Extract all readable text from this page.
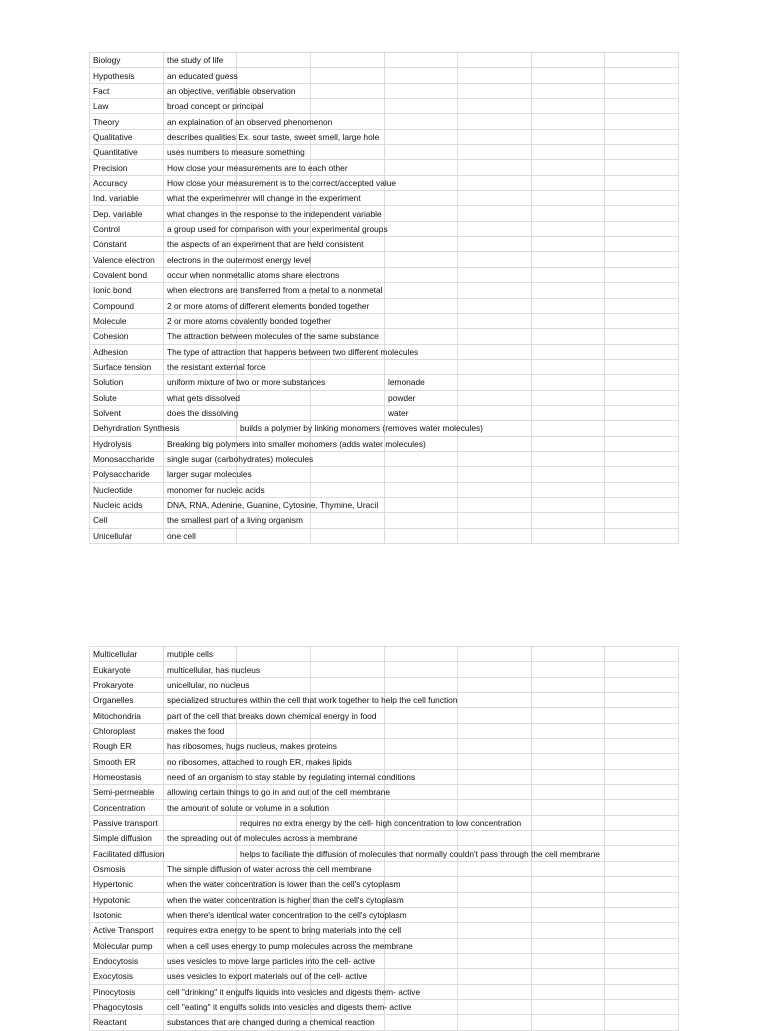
Biology	the study of life						
Hypothesis	an educated guess						
Fact	an objective, verifiable observation						
Law	broad concept or principal						
Theory	an explaination of an observed phenomenon						
Qualitative	describes qualities Ex. sour taste, sweet smell, large hole						
Quantitative	uses numbers to measure something						
Precision	How close your measurements are to each other						
Accuracy	How close your measurement is to the correct/accepted value						
Ind. variable	what the experimenrer will change in the experiment						
Dep. variable	what changes in the response to the independent variable						
Control	a group used for comparison with your experimental groups						
Constant	the aspects of an experiment that are held consistent						
Valence electron	electrons in the outermost energy level						
Covalent bond	occur when nonmetallic atoms share electrons						
Ionic bond	when electrons are transferred from a metal to a nonmetal						
Compound	2 or more atoms of different elements bonded together						
Molecule	2 or more atoms covalently bonded together						
Cohesion	The attraction between molecules of the same substance						
Adhesion	The type of attraction that happens between two different molecules						
Surface tension	the resistant external force						
Solution	uniform mixture of two or more substances			lemonade			
Solute	what gets dissolved			powder			
Solvent	does the dissolving			water			
Dehyrdration Synthesis		builds a polymer by linking monomers (removes water molecules)					
Hydrolysis	Breaking big polymers into smaller monomers (adds water molecules)						
Monosaccharide	single sugar (carbohydrates) molecules						
Polysaccharide	larger sugar molecules						
Nucleotide	monomer for nucleic acids						
Nucleic acids	DNA, RNA, Adenine, Guanine, Cytosine, Thymine, Uracil						
Cell	the smallest part of a living organism						
Unicellular	one cell						
Multicellular	mutiple cells						
Eukaryote	multicellular, has nucleus						
Prokaryote	unicellular, no nucleus						
Organelles	specialized structures within the cell that work together to help the cell function						
Mitochondria	part of the cell that breaks down chemical energy in food						
Chloroplast	makes the food						
Rough ER	has ribosomes, hugs nucleus, makes proteins						
Smooth ER	no ribosomes, attached to rough ER, makes lipids						
Homeostasis	need of an organism to stay stable by regulating internal conditions						
Semi-permeable	allowing certain things to go in and out of the cell membrane						
Concentration	the amount of solute or volume in a solution						
Passive transport		requires no extra energy by the cell- high concentration to low concentration					
Simple diffusion	the spreading out of molecules across a membrane						
Facilitated diffusion		helps to faciliate the diffusion of molecules that normally couldn't pass through the cell membrane					
Osmosis	The simple diffusion of water across the cell membrane						
Hypertonic	when the water concentration is lower than the cell's cytoplasm						
Hypotonic	when the water concentration is higher than the cell's cytoplasm						
Isotonic	when there's identical water concentration to the cell's cytoplasm						
Active Transport	requires extra energy to be spent to bring materials into the cell						
Molecular pump	when a cell uses energy to pump molecules across the membrane						
Endocytosis	uses vesicles to move large particles into the cell- active						
Exocytosis	uses vesicles to export materials out of the cell- active						
Pinocytosis	cell "drinking" it engulfs liquids into vesicles and digests them- active						
Phagocytosis	cell "eating" it engulfs solids into vesicles and digests them- active						
Reactant	substances that are changed during a chemical reaction						
